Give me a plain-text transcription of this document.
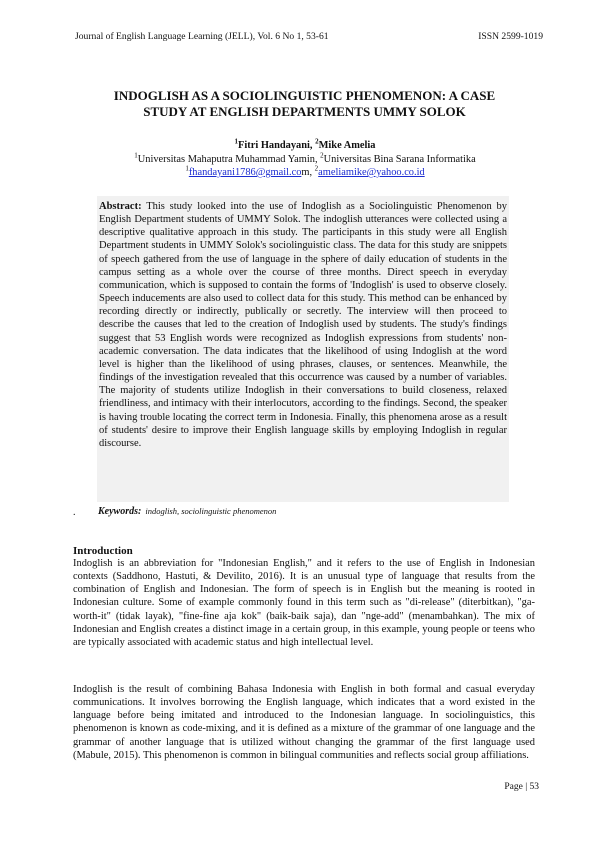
Journal of English Language Learning (JELL), Vol. 6 No 1, 53-61	ISSN 2599-1019
INDOGLISH AS A SOCIOLINGUISTIC PHENOMENON: A CASE
STUDY AT ENGLISH DEPARTMENTS UMMY SOLOK
$^1$Fitri Handayani, $^2$Mike Amelia
$^1$Universitas Mahaputra Muhammad Yamin, $^2$Universitas Bina Sarana Informatika
$^1$fhandayani1786@gmail.com, $^2$ameliamike@yahoo.co.id
Abstract: This study looked into the use of Indoglish as a Sociolinguistic Phenomenon by English Department students of UMMY Solok. The indoglish utterances were collected using a descriptive qualitative approach in this study. The participants in this study were all English Department students in UMMY Solok's sociolinguistic class. The data for this study are snippets of speech gathered from the use of language in the sphere of daily education of students in the campus setting as a whole over the course of three months. Direct speech in everyday communication, which is supposed to contain the forms of 'Indoglish' is used to observe closely. Speech inducements are also used to collect data for this study. This method can be enhanced by recording directly or indirectly, publically or secretly. The interview will then proceed to describe the causes that led to the creation of Indoglish used by students. The study's findings suggest that 53 English words were recognized as Indoglish expressions from students' non-academic conversation. The data indicates that the likelihood of using Indoglish at the word level is higher than the likelihood of using phrases, clauses, or sentences. Meanwhile, the findings of the investigation revealed that this occurrence was caused by a number of variables. The majority of students utilize Indoglish in their conversations to build closeness, relaxed friendliness, and intimacy with their interlocutors, according to the findings. Second, the speaker is having trouble locating the correct term in Indonesia. Finally, this phenomena arose as a result of students' desire to improve their English language skills by employing Indoglish in regular discourse.
. Keywords: indoglish, sociolinguistic phenomenon
Introduction

Indoglish is an abbreviation for "Indonesian English," and it refers to the use of English in Indonesian contexts (Saddhono, Hastuti, & Devilito, 2016). It is an unusual type of language that results from the combination of English and Indonesian. The form of speech is in English but the meaning is rooted in Indonesian culture. Some of example commonly found in this term such as "di-release" (diterbitkan), "ga-worth-it" (tidak layak), "fine-fine aja kok" (baik-baik saja), dan "nge-add" (menambahkan). The mix of Indonesian and English creates a distinct image in a certain group, in this example, young people or teens who are typically associated with academic status and high intellectual level.

Indoglish is the result of combining Bahasa Indonesia with English in both formal and casual everyday communications. It involves borrowing the English language, which indicates that a word existed in the language before being imitated and introduced to the Indonesian language. In sociolinguistics, this phenomenon is known as code-mixing, and it is defined as a mixture of the grammar of one language and the grammar of another language that is utilized without changing the grammar of the first language used (Mabule, 2015). This phenomenon is common in bilingual communities and reflects social group affiliations.

Page | 53
